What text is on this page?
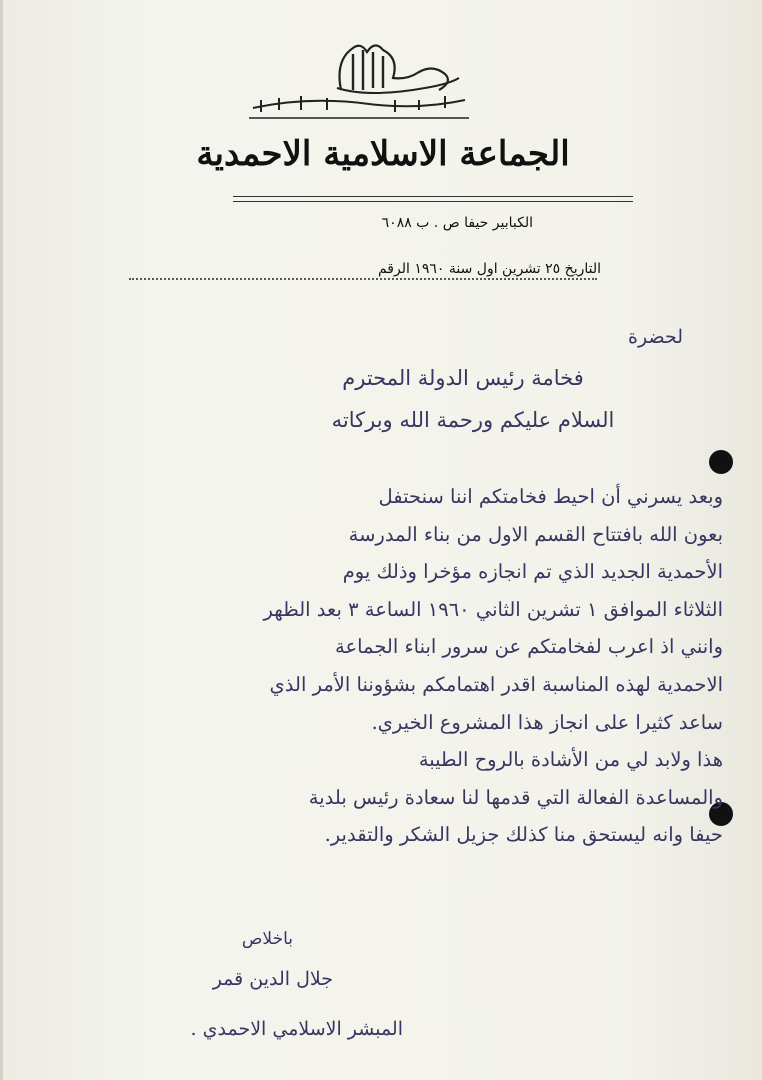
الجماعة الاسلامية الاحمدية
الكبابير حيفا ص . ب ٦٠٨٨
التاريخ ٢٥ تشرين اول سنة ١٩٦٠ الرقم
لحضرة
فخامة رئيس الدولة المحترم
السلام عليكم ورحمة الله وبركاته
وبعد يسرني أن احيط فخامتكم اننا سنحتفل
بعون الله بافتتاح القسم الاول من بناء المدرسة
الأحمدية الجديد الذي تم انجازه مؤخرا وذلك يوم
الثلاثاء الموافق ١ تشرين الثاني ١٩٦٠ الساعة ٣ بعد الظهر
وانني اذ اعرب لفخامتكم عن سرور ابناء الجماعة
الاحمدية لهذه المناسبة اقدر اهتمامكم بشؤوننا الأمر الذي
ساعد كثيرا على انجاز هذا المشروع الخيري.
هذا ولابد لي من الأشادة بالروح الطيبة
والمساعدة الفعالة التي قدمها لنا سعادة رئيس بلدية
حيفا وانه ليستحق منا كذلك جزيل الشكر والتقدير.
باخلاص
جلال الدين قمر
المبشر الاسلامي الاحمدي .
